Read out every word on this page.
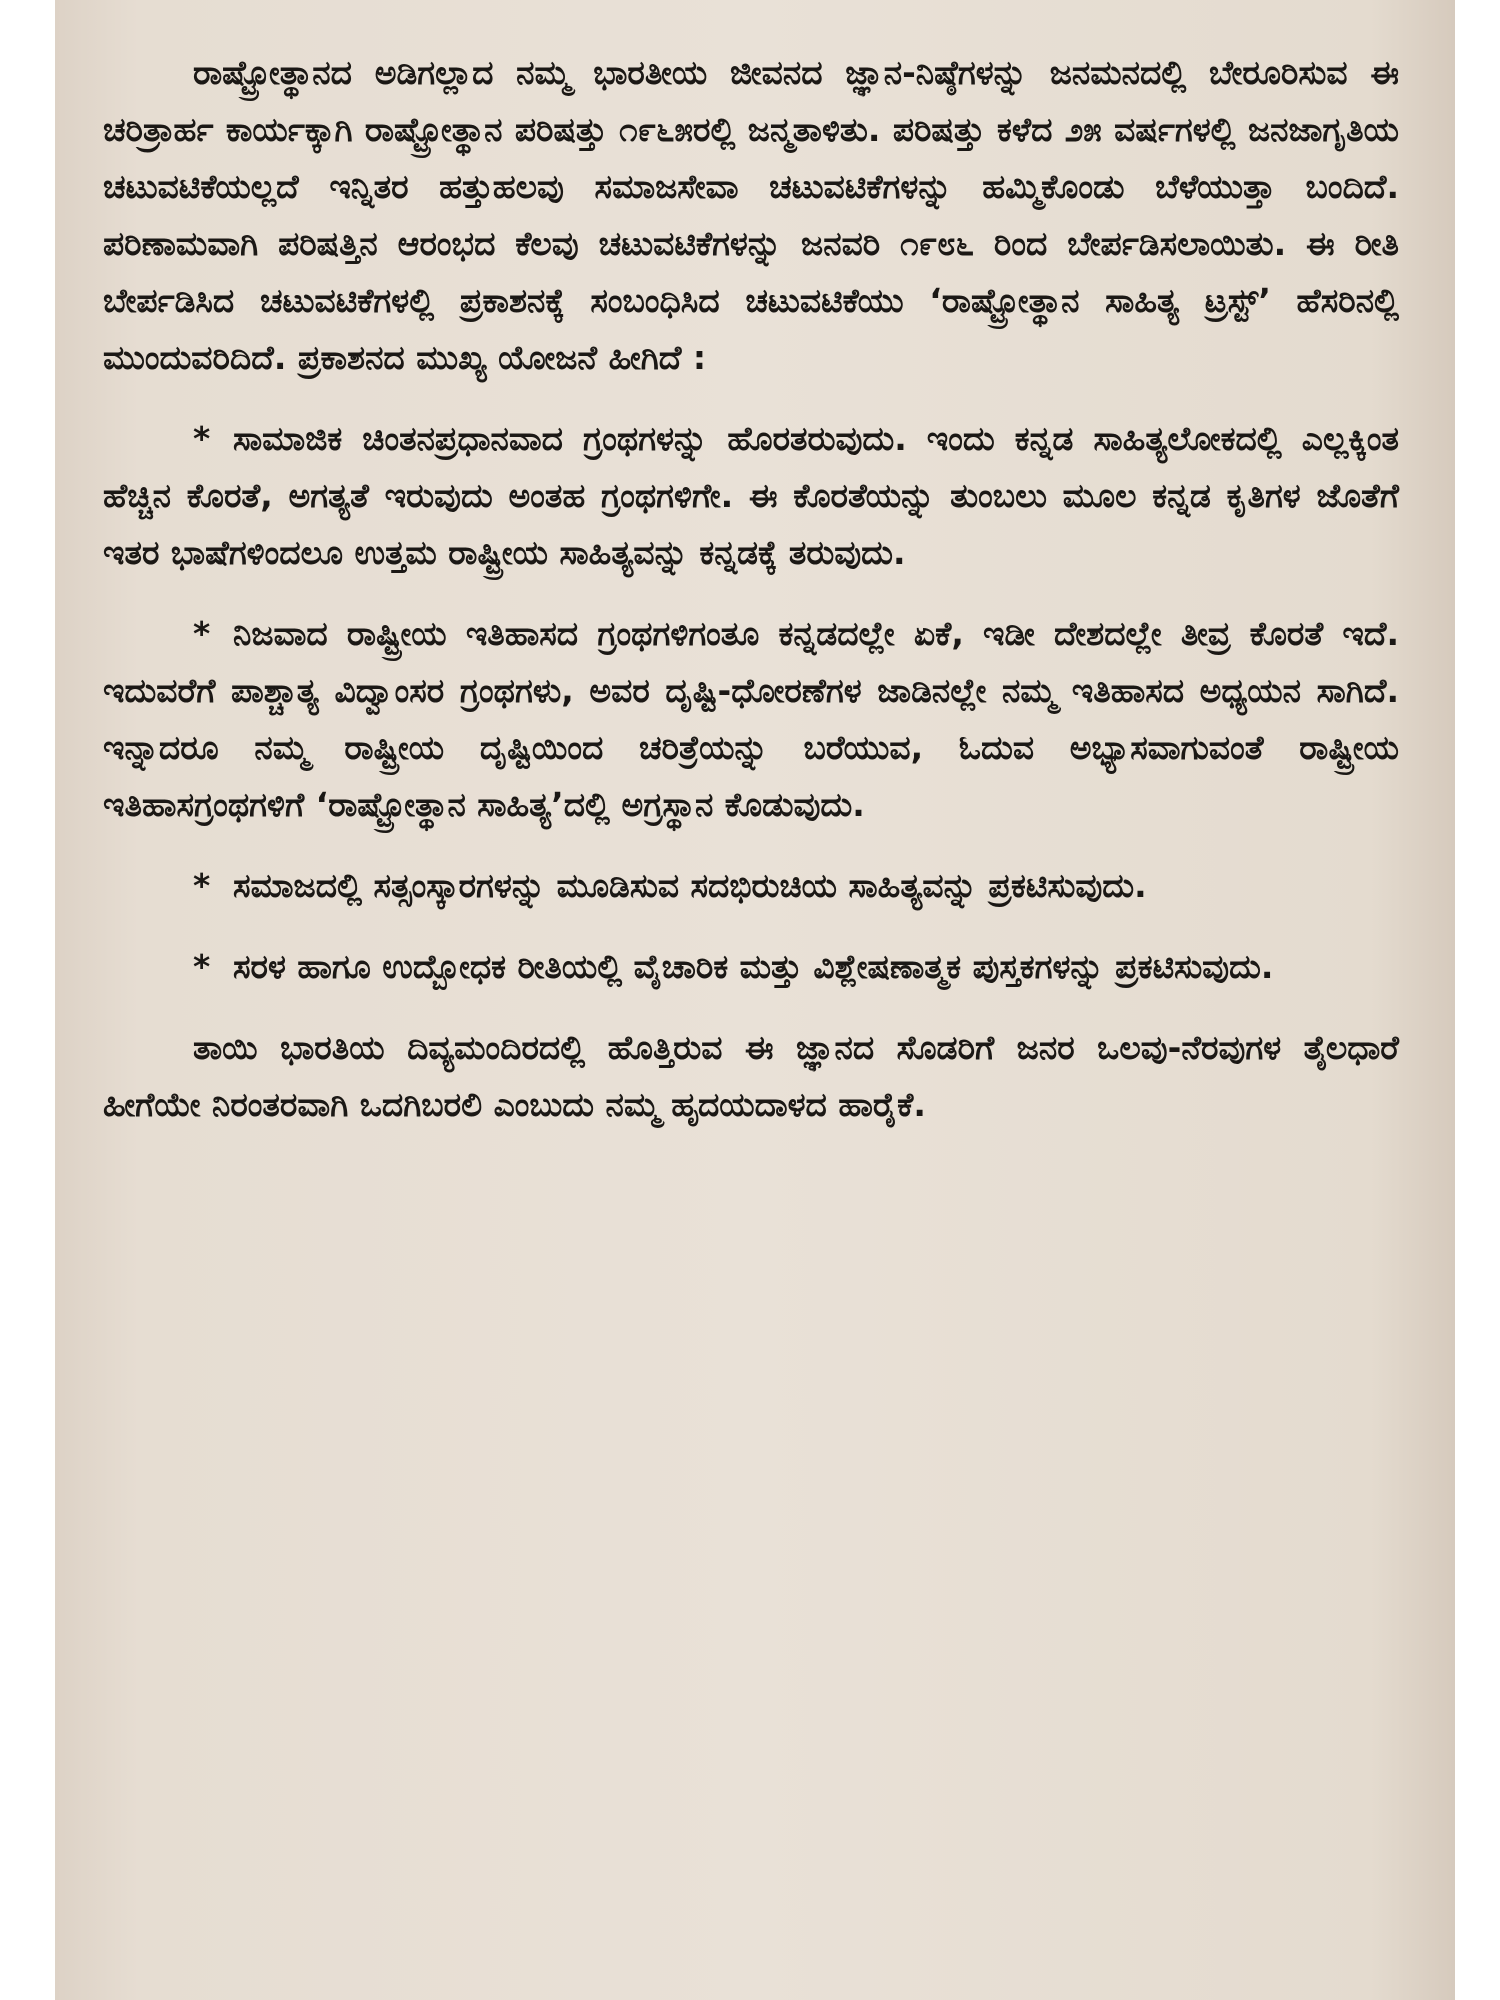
ರಾಷ್ಟ್ರೋತ್ಥಾನದ ಅಡಿಗಲ್ಲಾದ ನಮ್ಮ ಭಾರತೀಯ ಜೀವನದ ಜ್ಞಾನ-ನಿಷ್ಠೆಗಳನ್ನು ಜನಮನದಲ್ಲಿ ಬೇರೂರಿಸುವ ಈ ಚರಿತ್ರಾರ್ಹ ಕಾರ್ಯಕ್ಕಾಗಿ ರಾಷ್ಟ್ರೋತ್ಥಾನ ಪರಿಷತ್ತು ೧೯೬೫ರಲ್ಲಿ ಜನ್ಮತಾಳಿತು. ಪರಿಷತ್ತು ಕಳೆದ ೨೫ ವರ್ಷಗಳಲ್ಲಿ ಜನಜಾಗೃತಿಯ ಚಟುವಟಿಕೆಯಲ್ಲದೆ ಇನ್ನಿತರ ಹತ್ತುಹಲವು ಸಮಾಜಸೇವಾ ಚಟುವಟಿಕೆಗಳನ್ನು ಹಮ್ಮಿಕೊಂಡು ಬೆಳೆಯುತ್ತಾ ಬಂದಿದೆ. ಪರಿಣಾಮವಾಗಿ ಪರಿಷತ್ತಿನ ಆರಂಭದ ಕೆಲವು ಚಟುವಟಿಕೆಗಳನ್ನು ಜನವರಿ ೧೯೮೬ ರಿಂದ ಬೇರ್ಪಡಿಸಲಾಯಿತು. ಈ ರೀತಿ ಬೇರ್ಪಡಿಸಿದ ಚಟುವಟಿಕೆಗಳಲ್ಲಿ ಪ್ರಕಾಶನಕ್ಕೆ ಸಂಬಂಧಿಸಿದ ಚಟುವಟಿಕೆಯು ‘ರಾಷ್ಟ್ರೋತ್ಥಾನ ಸಾಹಿತ್ಯ ಟ್ರಸ್ಟ್’ ಹೆಸರಿನಲ್ಲಿ ಮುಂದುವರಿದಿದೆ. ಪ್ರಕಾಶನದ ಮುಖ್ಯ ಯೋಜನೆ ಹೀಗಿದೆ :

* ಸಾಮಾಜಿಕ ಚಿಂತನಪ್ರಧಾನವಾದ ಗ್ರಂಥಗಳನ್ನು ಹೊರತರುವುದು. ಇಂದು ಕನ್ನಡ ಸಾಹಿತ್ಯಲೋಕದಲ್ಲಿ ಎಲ್ಲಕ್ಕಿಂತ ಹೆಚ್ಚಿನ ಕೊರತೆ, ಅಗತ್ಯತೆ ಇರುವುದು ಅಂತಹ ಗ್ರಂಥಗಳಿಗೇ. ಈ ಕೊರತೆಯನ್ನು ತುಂಬಲು ಮೂಲ ಕನ್ನಡ ಕೃತಿಗಳ ಜೊತೆಗೆ ಇತರ ಭಾಷೆಗಳಿಂದಲೂ ಉತ್ತಮ ರಾಷ್ಟ್ರೀಯ ಸಾಹಿತ್ಯವನ್ನು ಕನ್ನಡಕ್ಕೆ ತರುವುದು.

* ನಿಜವಾದ ರಾಷ್ಟ್ರೀಯ ಇತಿಹಾಸದ ಗ್ರಂಥಗಳಿಗಂತೂ ಕನ್ನಡದಲ್ಲೇ ಏಕೆ, ಇಡೀ ದೇಶದಲ್ಲೇ ತೀವ್ರ ಕೊರತೆ ಇದೆ. ಇದುವರೆಗೆ ಪಾಶ್ಚಾತ್ಯ ವಿದ್ವಾಂಸರ ಗ್ರಂಥಗಳು, ಅವರ ದೃಷ್ಟಿ-ಧೋರಣೆಗಳ ಜಾಡಿನಲ್ಲೇ ನಮ್ಮ ಇತಿಹಾಸದ ಅಧ್ಯಯನ ಸಾಗಿದೆ. ಇನ್ನಾದರೂ ನಮ್ಮ ರಾಷ್ಟ್ರೀಯ ದೃಷ್ಟಿಯಿಂದ ಚರಿತ್ರೆಯನ್ನು ಬರೆಯುವ, ಓದುವ ಅಭ್ಯಾಸವಾಗುವಂತೆ ರಾಷ್ಟ್ರೀಯ ಇತಿಹಾಸಗ್ರಂಥಗಳಿಗೆ ‘ರಾಷ್ಟ್ರೋತ್ಥಾನ ಸಾಹಿತ್ಯ’ದಲ್ಲಿ ಅಗ್ರಸ್ಥಾನ ಕೊಡುವುದು.

* ಸಮಾಜದಲ್ಲಿ ಸತ್ಸಂಸ್ಕಾರಗಳನ್ನು ಮೂಡಿಸುವ ಸದಭಿರುಚಿಯ ಸಾಹಿತ್ಯವನ್ನು ಪ್ರಕಟಿಸುವುದು.

* ಸರಳ ಹಾಗೂ ಉದ್ಬೋಧಕ ರೀತಿಯಲ್ಲಿ ವೈಚಾರಿಕ ಮತ್ತು ವಿಶ್ಲೇಷಣಾತ್ಮಕ ಪುಸ್ತಕಗಳನ್ನು ಪ್ರಕಟಿಸುವುದು.

ತಾಯಿ ಭಾರತಿಯ ದಿವ್ಯಮಂದಿರದಲ್ಲಿ ಹೊತ್ತಿರುವ ಈ ಜ್ಞಾನದ ಸೊಡರಿಗೆ ಜನರ ಒಲವು-ನೆರವುಗಳ ತೈಲಧಾರೆ ಹೀಗೆಯೇ ನಿರಂತರವಾಗಿ ಒದಗಿಬರಲಿ ಎಂಬುದು ನಮ್ಮ ಹೃದಯದಾಳದ ಹಾರೈಕೆ.
